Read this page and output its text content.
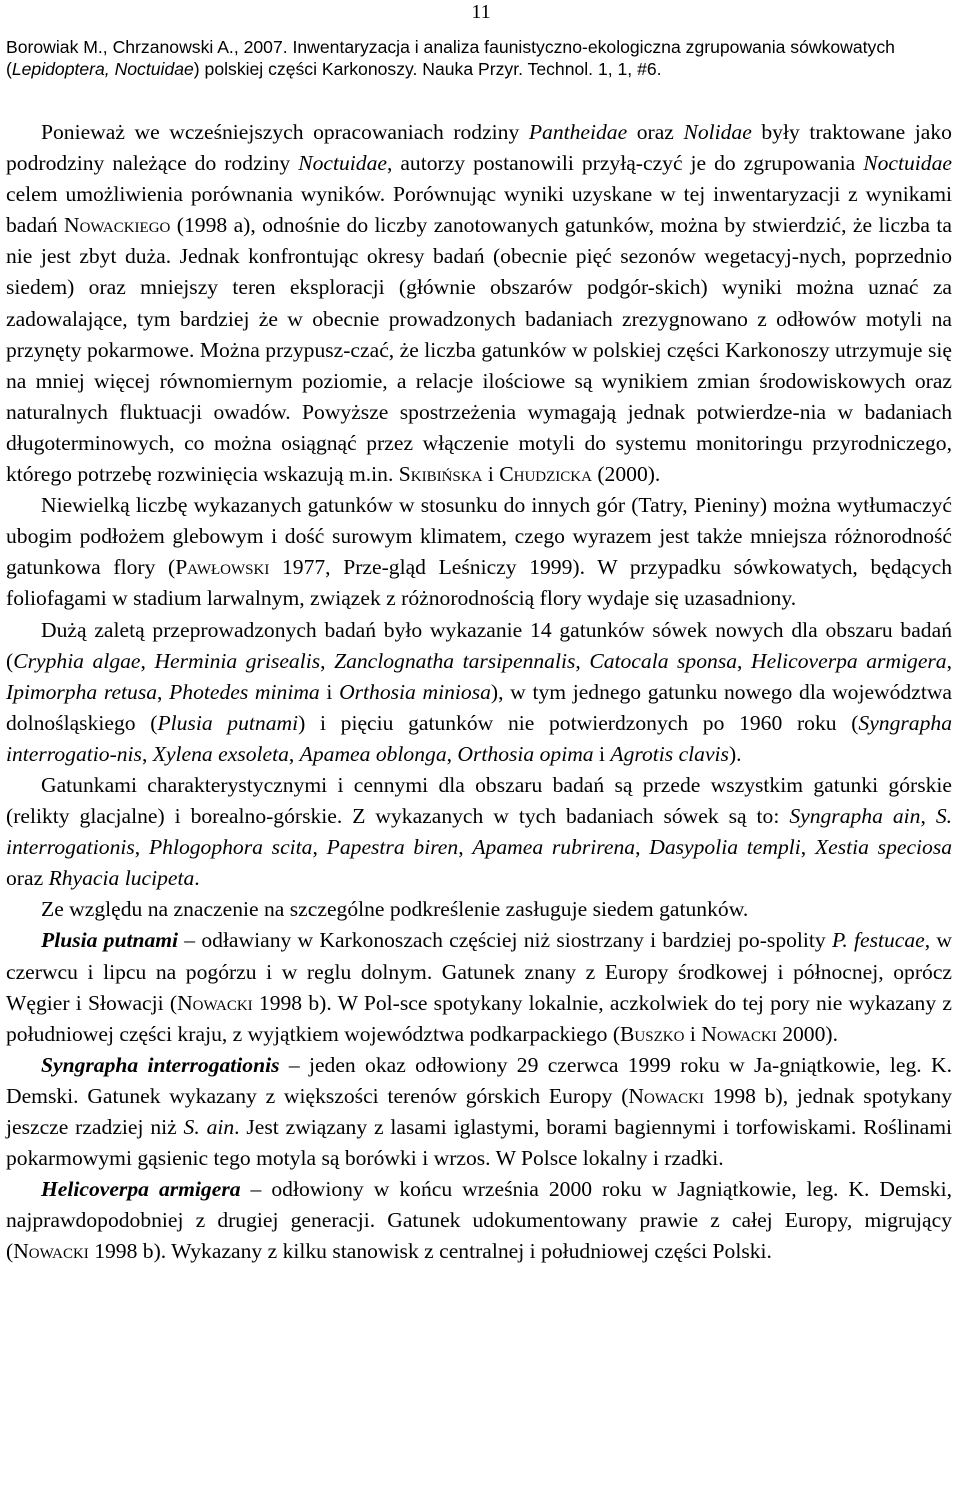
11
Borowiak M., Chrzanowski A., 2007. Inwentaryzacja i analiza faunistyczno-ekologiczna zgrupowania sówkowatych
(Lepidoptera, Noctuidae) polskiej części Karkonoszy. Nauka Przyr. Technol. 1, 1, #6.

Ponieważ we wcześniejszych opracowaniach rodziny Pantheidae oraz Nolidae były traktowane jako podrodziny należące do rodziny Noctuidae, autorzy postanowili przyłą-czyć je do zgrupowania Noctuidae celem umożliwienia porównania wyników. Porównując wyniki uzyskane w tej inwentaryzacji z wynikami badań Nowackiego (1998 a), odnośnie do liczby zanotowanych gatunków, można by stwierdzić, że liczba ta nie jest zbyt duża. Jednak konfrontując okresy badań (obecnie pięć sezonów wegetacyj-nych, poprzednio siedem) oraz mniejszy teren eksploracji (głównie obszarów podgór-skich) wyniki można uznać za zadowalające, tym bardziej że w obecnie prowadzonych badaniach zrezygnowano z odłowów motyli na przynęty pokarmowe. Można przypusz-czać, że liczba gatunków w polskiej części Karkonoszy utrzymuje się na mniej więcej równomiernym poziomie, a relacje ilościowe są wynikiem zmian środowiskowych oraz naturalnych fluktuacji owadów. Powyższe spostrzeżenia wymagają jednak potwierdze-nia w badaniach długoterminowych, co można osiągnąć przez włączenie motyli do systemu monitoringu przyrodniczego, którego potrzebę rozwinięcia wskazują m.in. Skibińska i Chudzicka (2000).

Niewielką liczbę wykazanych gatunków w stosunku do innych gór (Tatry, Pieniny) można wytłumaczyć ubogim podłożem glebowym i dość surowym klimatem, czego wyrazem jest także mniejsza różnorodność gatunkowa flory (Pawłowski 1977, Prze-gląd Leśniczy 1999). W przypadku sówkowatych, będących foliofagami w stadium larwalnym, związek z różnorodnością flory wydaje się uzasadniony.

Dużą zaletą przeprowadzonych badań było wykazanie 14 gatunków sówek nowych dla obszaru badań (Cryphia algae, Herminia grisealis, Zanclognatha tarsipennalis, Catocala sponsa, Helicoverpa armigera, Ipimorpha retusa, Photedes minima i Orthosia miniosa), w tym jednego gatunku nowego dla województwa dolnośląskiego (Plusia putnami) i pięciu gatunków nie potwierdzonych po 1960 roku (Syngrapha interrogatio-nis, Xylena exsoleta, Apamea oblonga, Orthosia opima i Agrotis clavis).

Gatunkami charakterystycznymi i cennymi dla obszaru badań są przede wszystkim gatunki górskie (relikty glacjalne) i borealno-górskie. Z wykazanych w tych badaniach sówek są to: Syngrapha ain, S. interrogationis, Phlogophora scita, Papestra biren, Apamea rubrirena, Dasypolia templi, Xestia speciosa oraz Rhyacia lucipeta.

Ze względu na znaczenie na szczególne podkreślenie zasługuje siedem gatunków.

Plusia putnami – odławiany w Karkonoszach częściej niż siostrzany i bardziej po-spolity P. festucae, w czerwcu i lipcu na pogórzu i w reglu dolnym. Gatunek znany z Europy środkowej i północnej, oprócz Węgier i Słowacji (Nowacki 1998 b). W Pol-sce spotykany lokalnie, aczkolwiek do tej pory nie wykazany z południowej części kraju, z wyjątkiem województwa podkarpackiego (Buszko i Nowacki 2000).

Syngrapha interrogationis – jeden okaz odłowiony 29 czerwca 1999 roku w Ja-gniątkowie, leg. K. Demski. Gatunek wykazany z większości terenów górskich Europy (Nowacki 1998 b), jednak spotykany jeszcze rzadziej niż S. ain. Jest związany z lasami iglastymi, borami bagiennymi i torfowiskami. Roślinami pokarmowymi gąsienic tego motyla są borówki i wrzos. W Polsce lokalny i rzadki.

Helicoverpa armigera – odłowiony w końcu września 2000 roku w Jagniątkowie, leg. K. Demski, najprawdopodobniej z drugiej generacji. Gatunek udokumentowany prawie z całej Europy, migrujący (Nowacki 1998 b). Wykazany z kilku stanowisk z centralnej i południowej części Polski.
